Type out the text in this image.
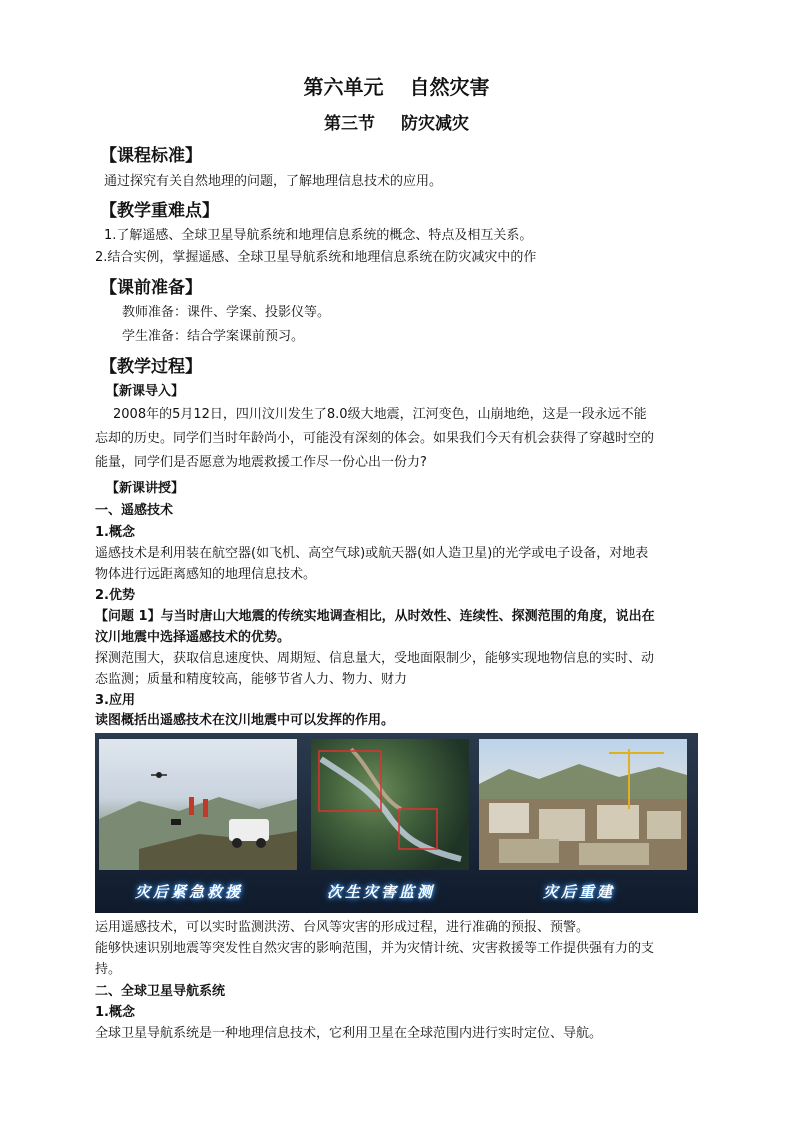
第六单元 自然灾害
第三节 防灾减灾
【课程标准】
通过探究有关自然地理的问题，了解地理信息技术的应用。
【教学重难点】
1.了解遥感、全球卫星导航系统和地理信息系统的概念、特点及相互关系。
2.结合实例，掌握遥感、全球卫星导航系统和地理信息系统在防灾减灾中的作
【课前准备】
教师准备：课件、学案、投影仪等。
学生准备：结合学案课前预习。
【教学过程】
【新课导入】
2008年的5月12日，四川汶川发生了8.0级大地震，江河变色，山崩地绝，这是一段永远不能
忘却的历史。同学们当时年龄尚小，可能没有深刻的体会。如果我们今天有机会获得了穿越时空的
能量，同学们是否愿意为地震救援工作尽一份心出一份力?
【新课讲授】
一、遥感技术
1.概念
遥感技术是利用装在航空器(如飞机、高空气球)或航天器(如人造卫星)的光学或电子设备，对地表
物体进行远距离感知的地理信息技术。
2.优势
【问题 1】与当时唐山大地震的传统实地调查相比，从时效性、连续性、探测范围的角度，说出在
汶川地震中选择遥感技术的优势。
探测范围大，获取信息速度快、周期短、信息量大，受地面限制少，能够实现地物信息的实时、动
态监测；质量和精度较高，能够节省人力、物力、财力
3.应用
读图概括出遥感技术在汶川地震中可以发挥的作用。
灾后紧急救援	次生灾害监测	灾后重建
运用遥感技术，可以实时监测洪涝、台风等灾害的形成过程，进行准确的预报、预警。
能够快速识别地震等突发性自然灾害的影响范围，并为灾情计统、灾害救援等工作提供强有力的支
持。
二、全球卫星导航系统
1.概念
全球卫星导航系统是一种地理信息技术，它利用卫星在全球范围内进行实时定位、导航。
